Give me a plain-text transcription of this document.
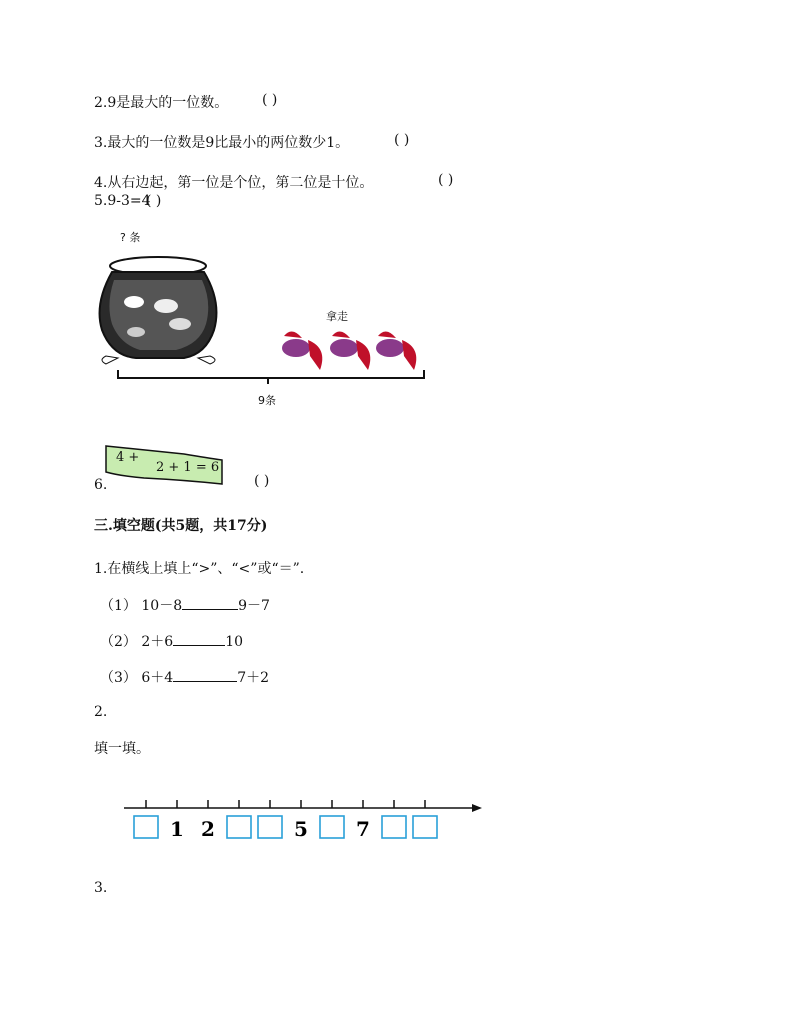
2.9是最大的一位数。 ( )
3.最大的一位数是9比最小的两位数少1。	( )
4.从右边起，第一位是个位，第二位是十位。	( )
5.9-3=4
( )
? 条
拿走
9条
6.
4 +
2 + 1 = 6
( )
三.填空题(共5题，共17分)
1.在横线上填上“>”、“<”或“＝”.
（1） 10－8	9－7
（2） 2＋6	10
（3） 6＋4	7＋2
2.
填一填。
1 2	5 7
3.
